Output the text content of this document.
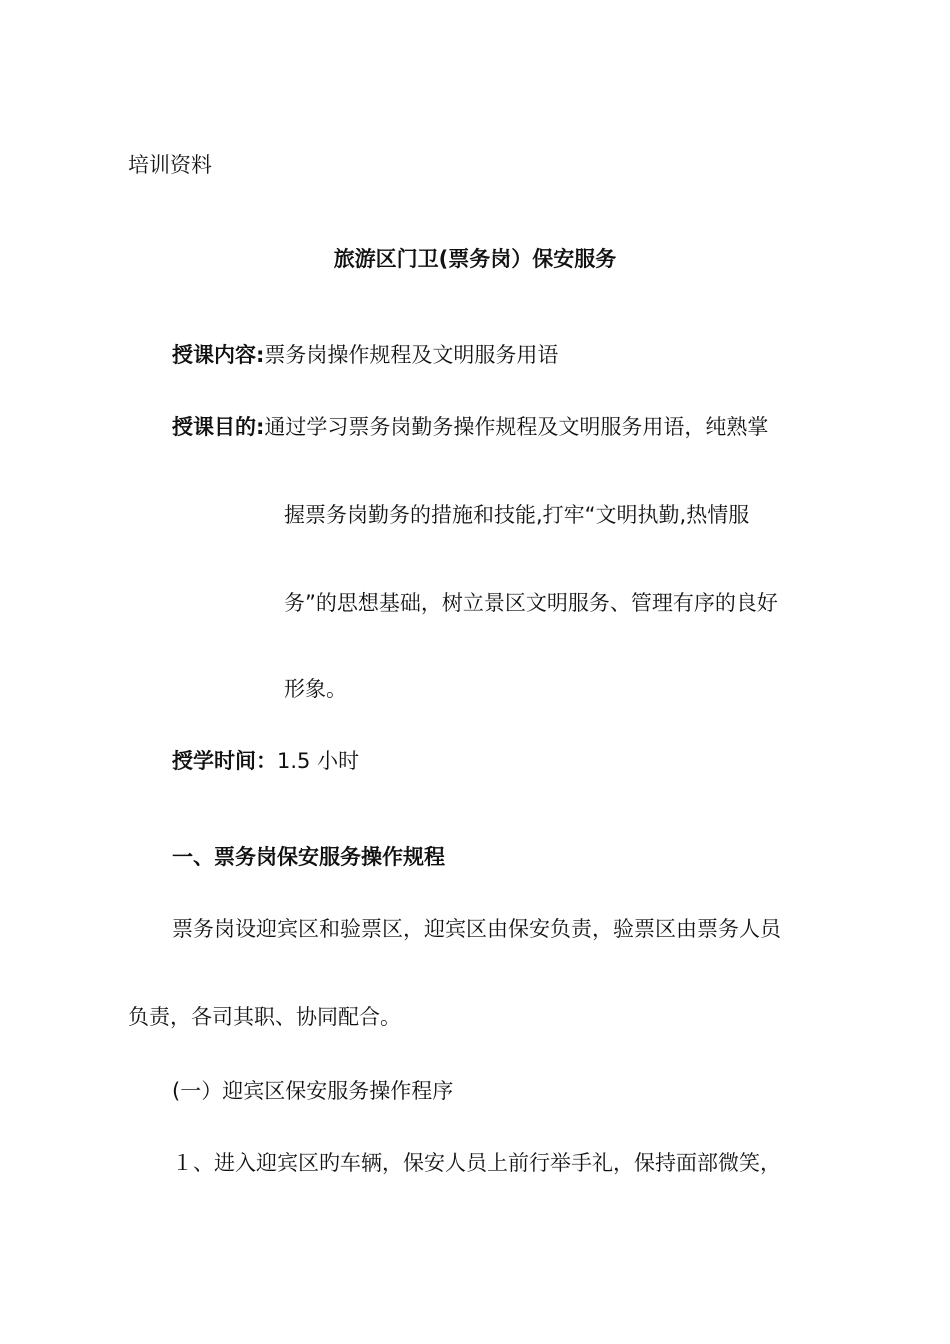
培训资料
旅游区门卫(票务岗）保安服务
授课内容:票务岗操作规程及文明服务用语
授课目的:通过学习票务岗勤务操作规程及文明服务用语，纯熟掌
握票务岗勤务的措施和技能,打牢“文明执勤,热情服
务”的思想基础，树立景区文明服务、管理有序的良好
形象。
授学时间：1.5 小时
一、票务岗保安服务操作规程
票务岗设迎宾区和验票区，迎宾区由保安负责，验票区由票务人员
负责，各司其职、协同配合。
(一）迎宾区保安服务操作程序
１、进入迎宾区旳车辆，保安人员上前行举手礼，保持面部微笑，
